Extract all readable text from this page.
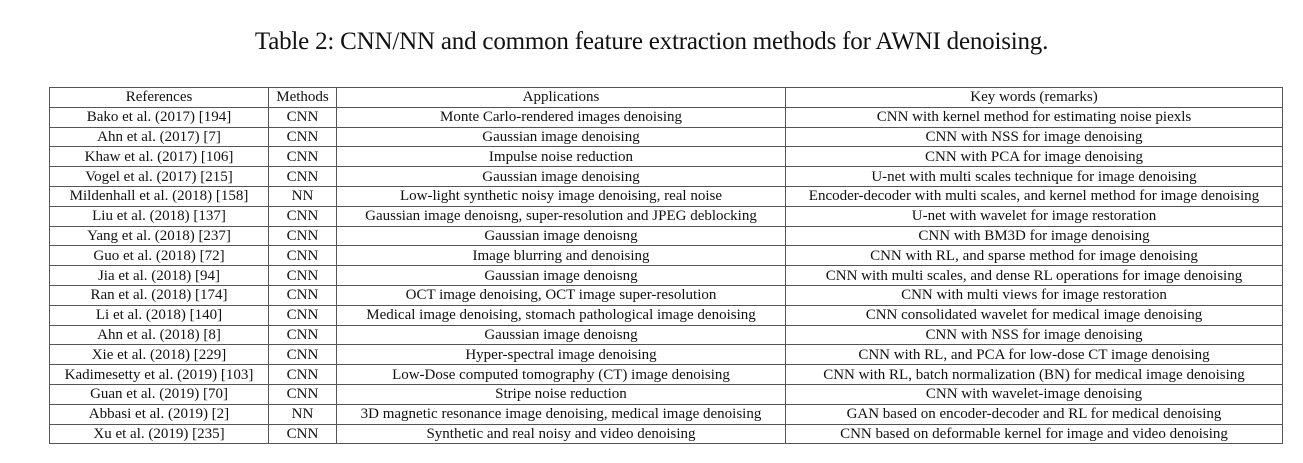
Table 2: CNN/NN and common feature extraction methods for AWNI denoising.
References	Methods	Applications	Key words (remarks)
Bako et al. (2017) [194]	CNN	Monte Carlo-rendered images denoising	CNN with kernel method for estimating noise piexls
Ahn et al. (2017) [7]	CNN	Gaussian image denoising	CNN with NSS for image denoising
Khaw et al. (2017) [106]	CNN	Impulse noise reduction	CNN with PCA for image denoising
Vogel et al. (2017) [215]	CNN	Gaussian image denoising	U-net with multi scales technique for image denoising
Mildenhall et al. (2018) [158]	NN	Low-light synthetic noisy image denoising, real noise	Encoder-decoder with multi scales, and kernel method for image denoising
Liu et al. (2018) [137]	CNN	Gaussian image denoisng, super-resolution and JPEG deblocking	U-net with wavelet for image restoration
Yang et al. (2018) [237]	CNN	Gaussian image denoisng	CNN with BM3D for image denoising
Guo et al. (2018) [72]	CNN	Image blurring and denoising	CNN with RL, and sparse method for image denoising
Jia et al. (2018) [94]	CNN	Gaussian image denoisng	CNN with multi scales, and dense RL operations for image denoising
Ran et al. (2018) [174]	CNN	OCT image denoising, OCT image super-resolution	CNN with multi views for image restoration
Li et al. (2018) [140]	CNN	Medical image denoising, stomach pathological image denoising	CNN consolidated wavelet for medical image denoising
Ahn et al. (2018) [8]	CNN	Gaussian image denoisng	CNN with NSS for image denoising
Xie et al. (2018) [229]	CNN	Hyper-spectral image denoising	CNN with RL, and PCA for low-dose CT image denoising
Kadimesetty et al. (2019) [103]	CNN	Low-Dose computed tomography (CT) image denoising	CNN with RL, batch normalization (BN) for medical image denoising
Guan et al. (2019) [70]	CNN	Stripe noise reduction	CNN with wavelet-image denoising
Abbasi et al. (2019) [2]	NN	3D magnetic resonance image denoising, medical image denoising	GAN based on encoder-decoder and RL for medical denoising
Xu et al. (2019) [235]	CNN	Synthetic and real noisy and video denoising	CNN based on deformable kernel for image and video denoising
